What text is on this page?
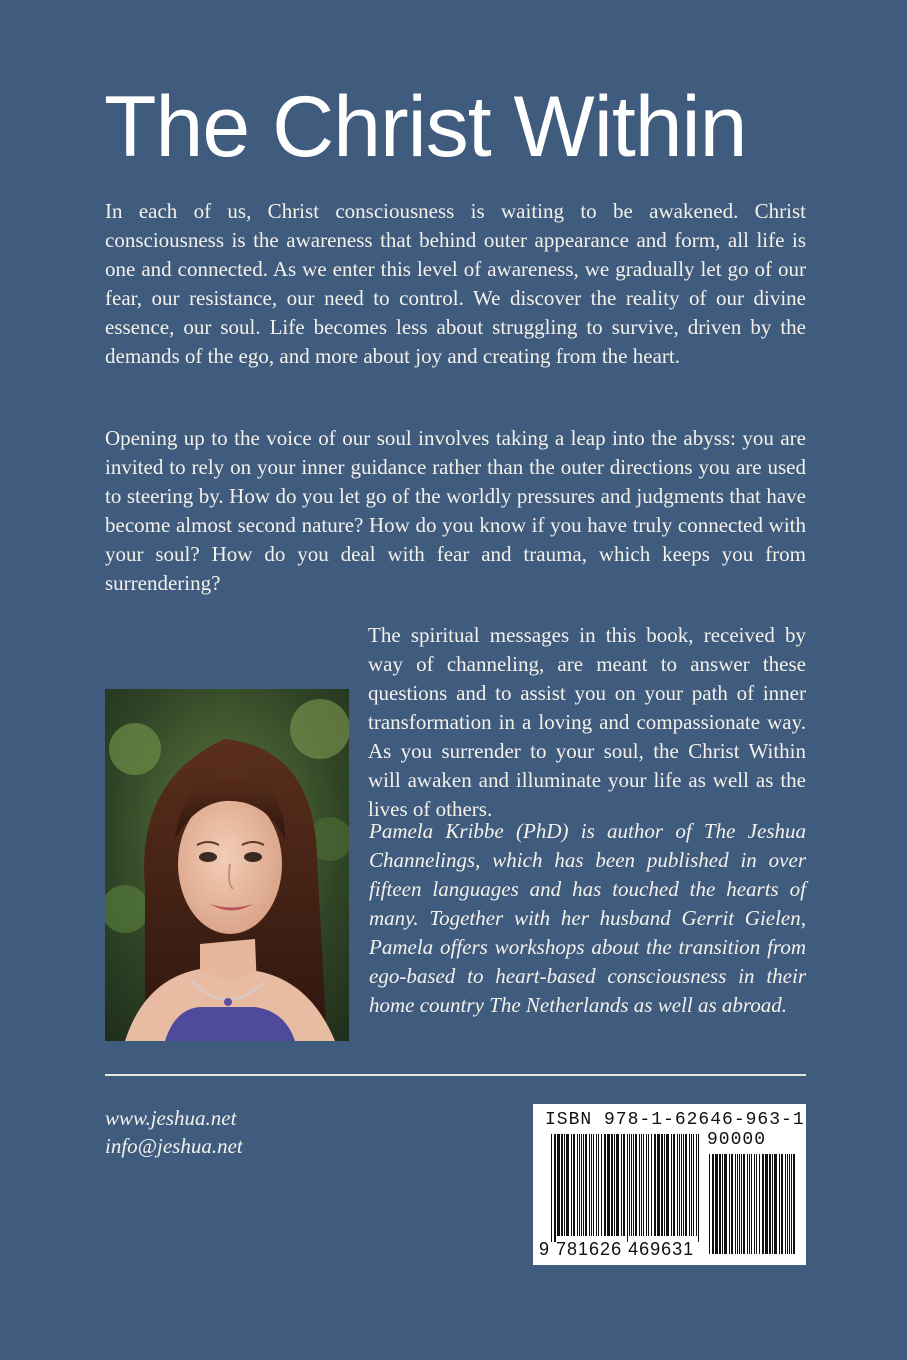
The Christ Within

In each of us, Christ consciousness is waiting to be awakened. Christ consciousness is the awareness that behind outer appearance and form, all life is one and connected. As we enter this level of awareness, we gradually let go of our fear, our resistance, our need to control. We discover the reality of our divine essence, our soul. Life becomes less about struggling to survive, driven by the demands of the ego, and more about joy and creating from the heart.

Opening up to the voice of our soul involves taking a leap into the abyss: you are invited to rely on your inner guidance rather than the outer directions you are used to steering by. How do you let go of the worldly pressures and judgments that have become almost second nature? How do you know if you have truly connected with your soul? How do you deal with fear and trauma, which keeps you from surrendering?

The spiritual messages in this book, received by way of channeling, are meant to answer these questions and to assist you on your path of inner transformation in a loving and compassionate way. As you surrender to your soul, the Christ Within will awaken and illuminate your life as well as the lives of others.

Pamela Kribbe (PhD) is author of The Jeshua Channelings, which has been published in over fifteen languages and has touched the hearts of many. Together with her husband Gerrit Gielen, Pamela offers workshops about the transition from ego-based to heart-based consciousness in their home country The Netherlands as well as abroad.

www.jeshua.net
info@jeshua.net
ISBN 978-1-62646-963-1
90000
9 781626 469631
